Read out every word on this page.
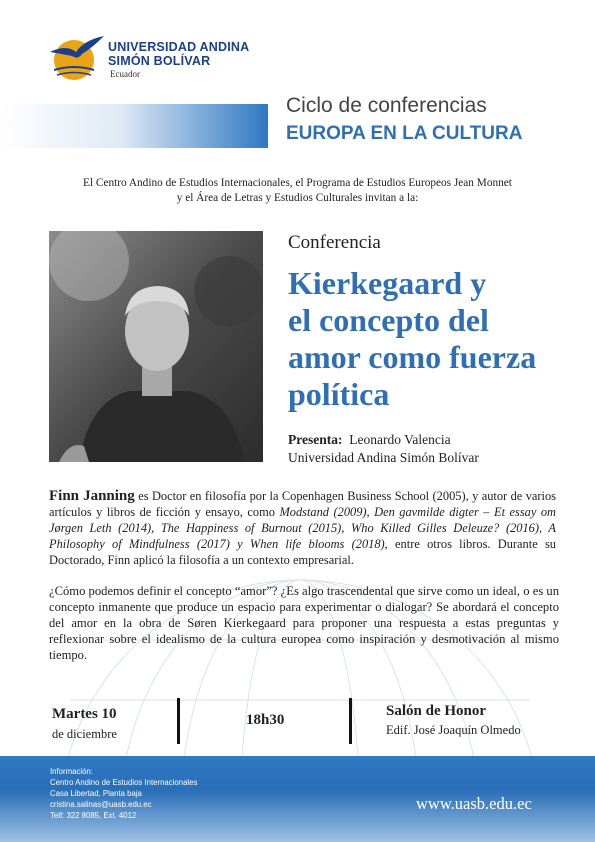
UNIVERSIDAD ANDINA
SIMÓN BOLÍVAR
Ecuador
Ciclo de conferencias
EUROPA EN LA CULTURA
El Centro Andino de Estudios Internacionales, el Programa de Estudios Europeos Jean Monnet
y el Área de Letras y Estudios Culturales invitan a la:
Conferencia
Kierkegaard y
el concepto del
amor como fuerza
política
Presenta: Leonardo Valencia
Universidad Andina Simón Bolívar
Finn Janning es Doctor en filosofía por la Copenhagen Business School (2005), y autor de varios artículos y libros de ficción y ensayo, como Modstand (2009), Den gavmilde digter – Et essay om Jørgen Leth (2014), The Happiness of Burnout (2015), Who Killed Gilles Deleuze? (2016), A Philosophy of Mindfulness (2017) y When life blooms (2018), entre otros libros. Durante su Doctorado, Finn aplicó la filosofía a un contexto empresarial.
¿Cómo podemos definir el concepto “amor”? ¿Es algo trascendental que sirve como un ideal, o es un concepto inmanente que produce un espacio para experimentar o dialogar? Se abordará el concepto del amor en la obra de Søren Kierkegaard para proponer una respuesta a estas preguntas y reflexionar sobre el idealismo de la cultura europea como inspiración y desmotivación al mismo tiempo.
Martes 10
de diciembre
18h30
Salón de Honor
Edif. José Joaquín Olmedo
Información:
Centro Andino de Estudios Internacionales
Casa Libertad, Planta baja
cristina.salinas@uasb.edu.ec
Telf: 322 8085, Ext. 4012
www.uasb.edu.ec
